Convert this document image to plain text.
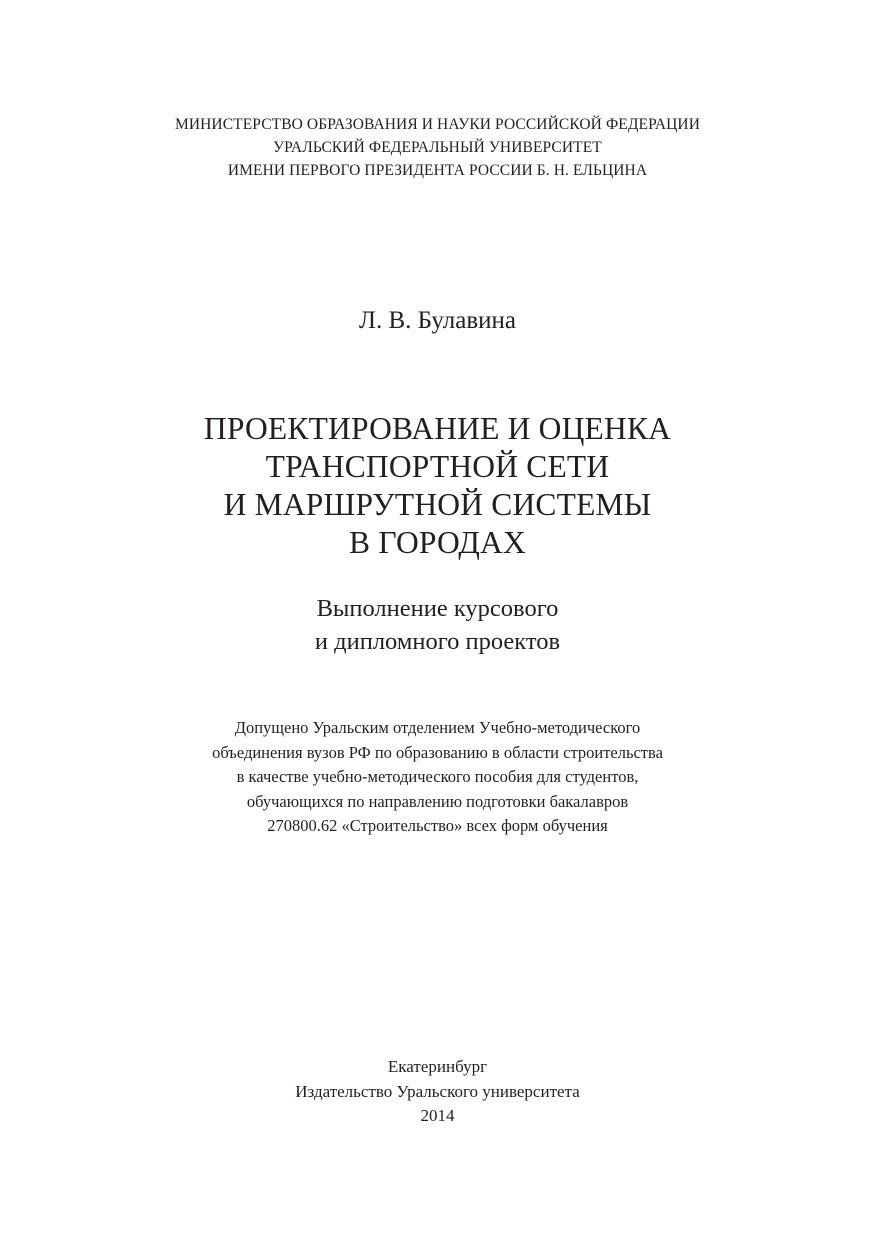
МИНИСТЕРСТВО ОБРАЗОВАНИЯ И НАУКИ РОССИЙСКОЙ ФЕДЕРАЦИИ
УРАЛЬСКИЙ ФЕДЕРАЛЬНЫЙ УНИВЕРСИТЕТ
ИМЕНИ ПЕРВОГО ПРЕЗИДЕНТА РОССИИ Б. Н. ЕЛЬЦИНА
Л. В. Булавина
ПРОЕКТИРОВАНИЕ И ОЦЕНКА
ТРАНСПОРТНОЙ СЕТИ
И МАРШРУТНОЙ СИСТЕМЫ
В ГОРОДАХ
Выполнение курсового
и дипломного проектов
Допущено Уральским отделением Учебно-методического
объединения вузов РФ по образованию в области строительства
в качестве учебно-методического пособия для студентов,
обучающихся по направлению подготовки бакалавров
270800.62 «Строительство» всех форм обучения
Екатеринбург
Издательство Уральского университета
2014
